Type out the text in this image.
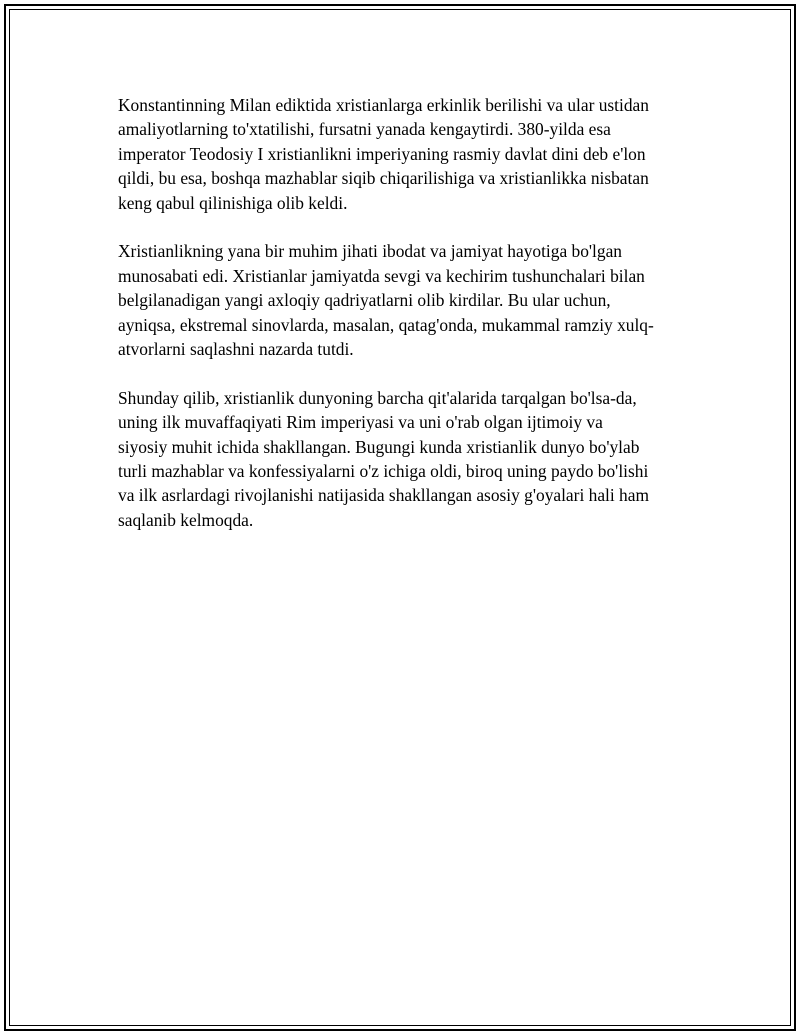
Konstantinning Milan ediktida xristianlarga erkinlik berilishi va ular ustidan
amaliyotlarning to'xtatilishi, fursatni yanada kengaytirdi. 380-yilda esa
imperator Teodosiy I xristianlikni imperiyaning rasmiy davlat dini deb e'lon
qildi, bu esa, boshqa mazhablar siqib chiqarilishiga va xristianlikka nisbatan
keng qabul qilinishiga olib keldi.

Xristianlikning yana bir muhim jihati ibodat va jamiyat hayotiga bo'lgan
munosabati edi. Xristianlar jamiyatda sevgi va kechirim tushunchalari bilan
belgilanadigan yangi axloqiy qadriyatlarni olib kirdilar. Bu ular uchun,
ayniqsa, ekstremal sinovlarda, masalan, qatag'onda, mukammal ramziy xulq-
atvorlarni saqlashni nazarda tutdi.

Shunday qilib, xristianlik dunyoning barcha qit'alarida tarqalgan bo'lsa-da,
uning ilk muvaffaqiyati Rim imperiyasi va uni o'rab olgan ijtimoiy va
siyosiy muhit ichida shakllangan. Bugungi kunda xristianlik dunyo bo'ylab
turli mazhablar va konfessiyalarni o'z ichiga oldi, biroq uning paydo bo'lishi
va ilk asrlardagi rivojlanishi natijasida shakllangan asosiy g'oyalari hali ham
saqlanib kelmoqda.
